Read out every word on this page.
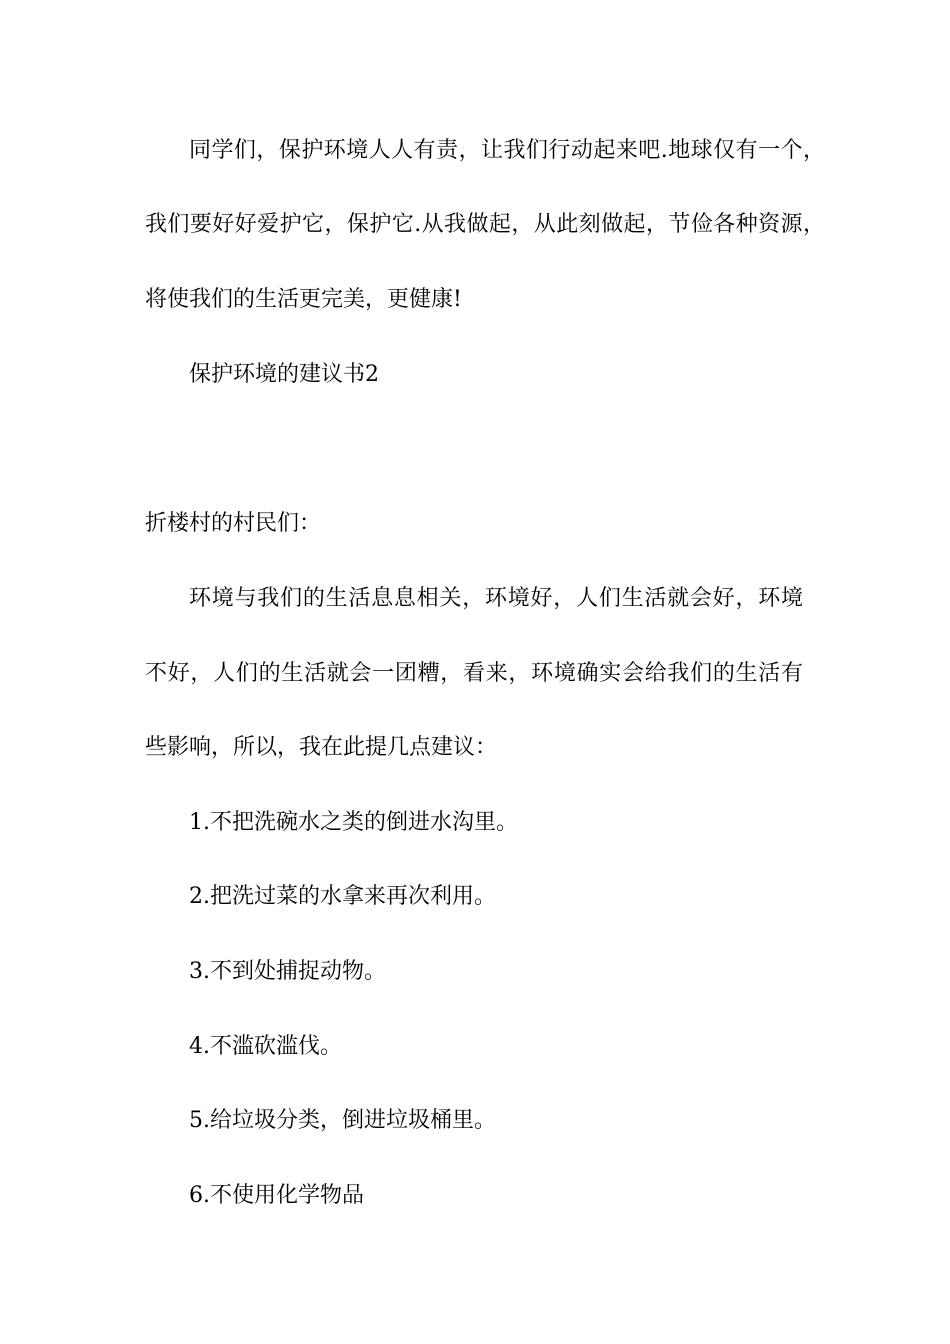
同学们，保护环境人人有责，让我们行动起来吧.地球仅有一个，
我们要好好爱护它，保护它.从我做起，从此刻做起，节俭各种资源，
将使我们的生活更完美，更健康!
保护环境的建议书2
折楼村的村民们：
环境与我们的生活息息相关，环境好，人们生活就会好，环境
不好，人们的生活就会一团糟，看来，环境确实会给我们的生活有
些影响，所以，我在此提几点建议：
1.不把洗碗水之类的倒进水沟里。
2.把洗过菜的水拿来再次利用。
3.不到处捕捉动物。
4.不滥砍滥伐。
5.给垃圾分类，倒进垃圾桶里。
6.不使用化学物品
